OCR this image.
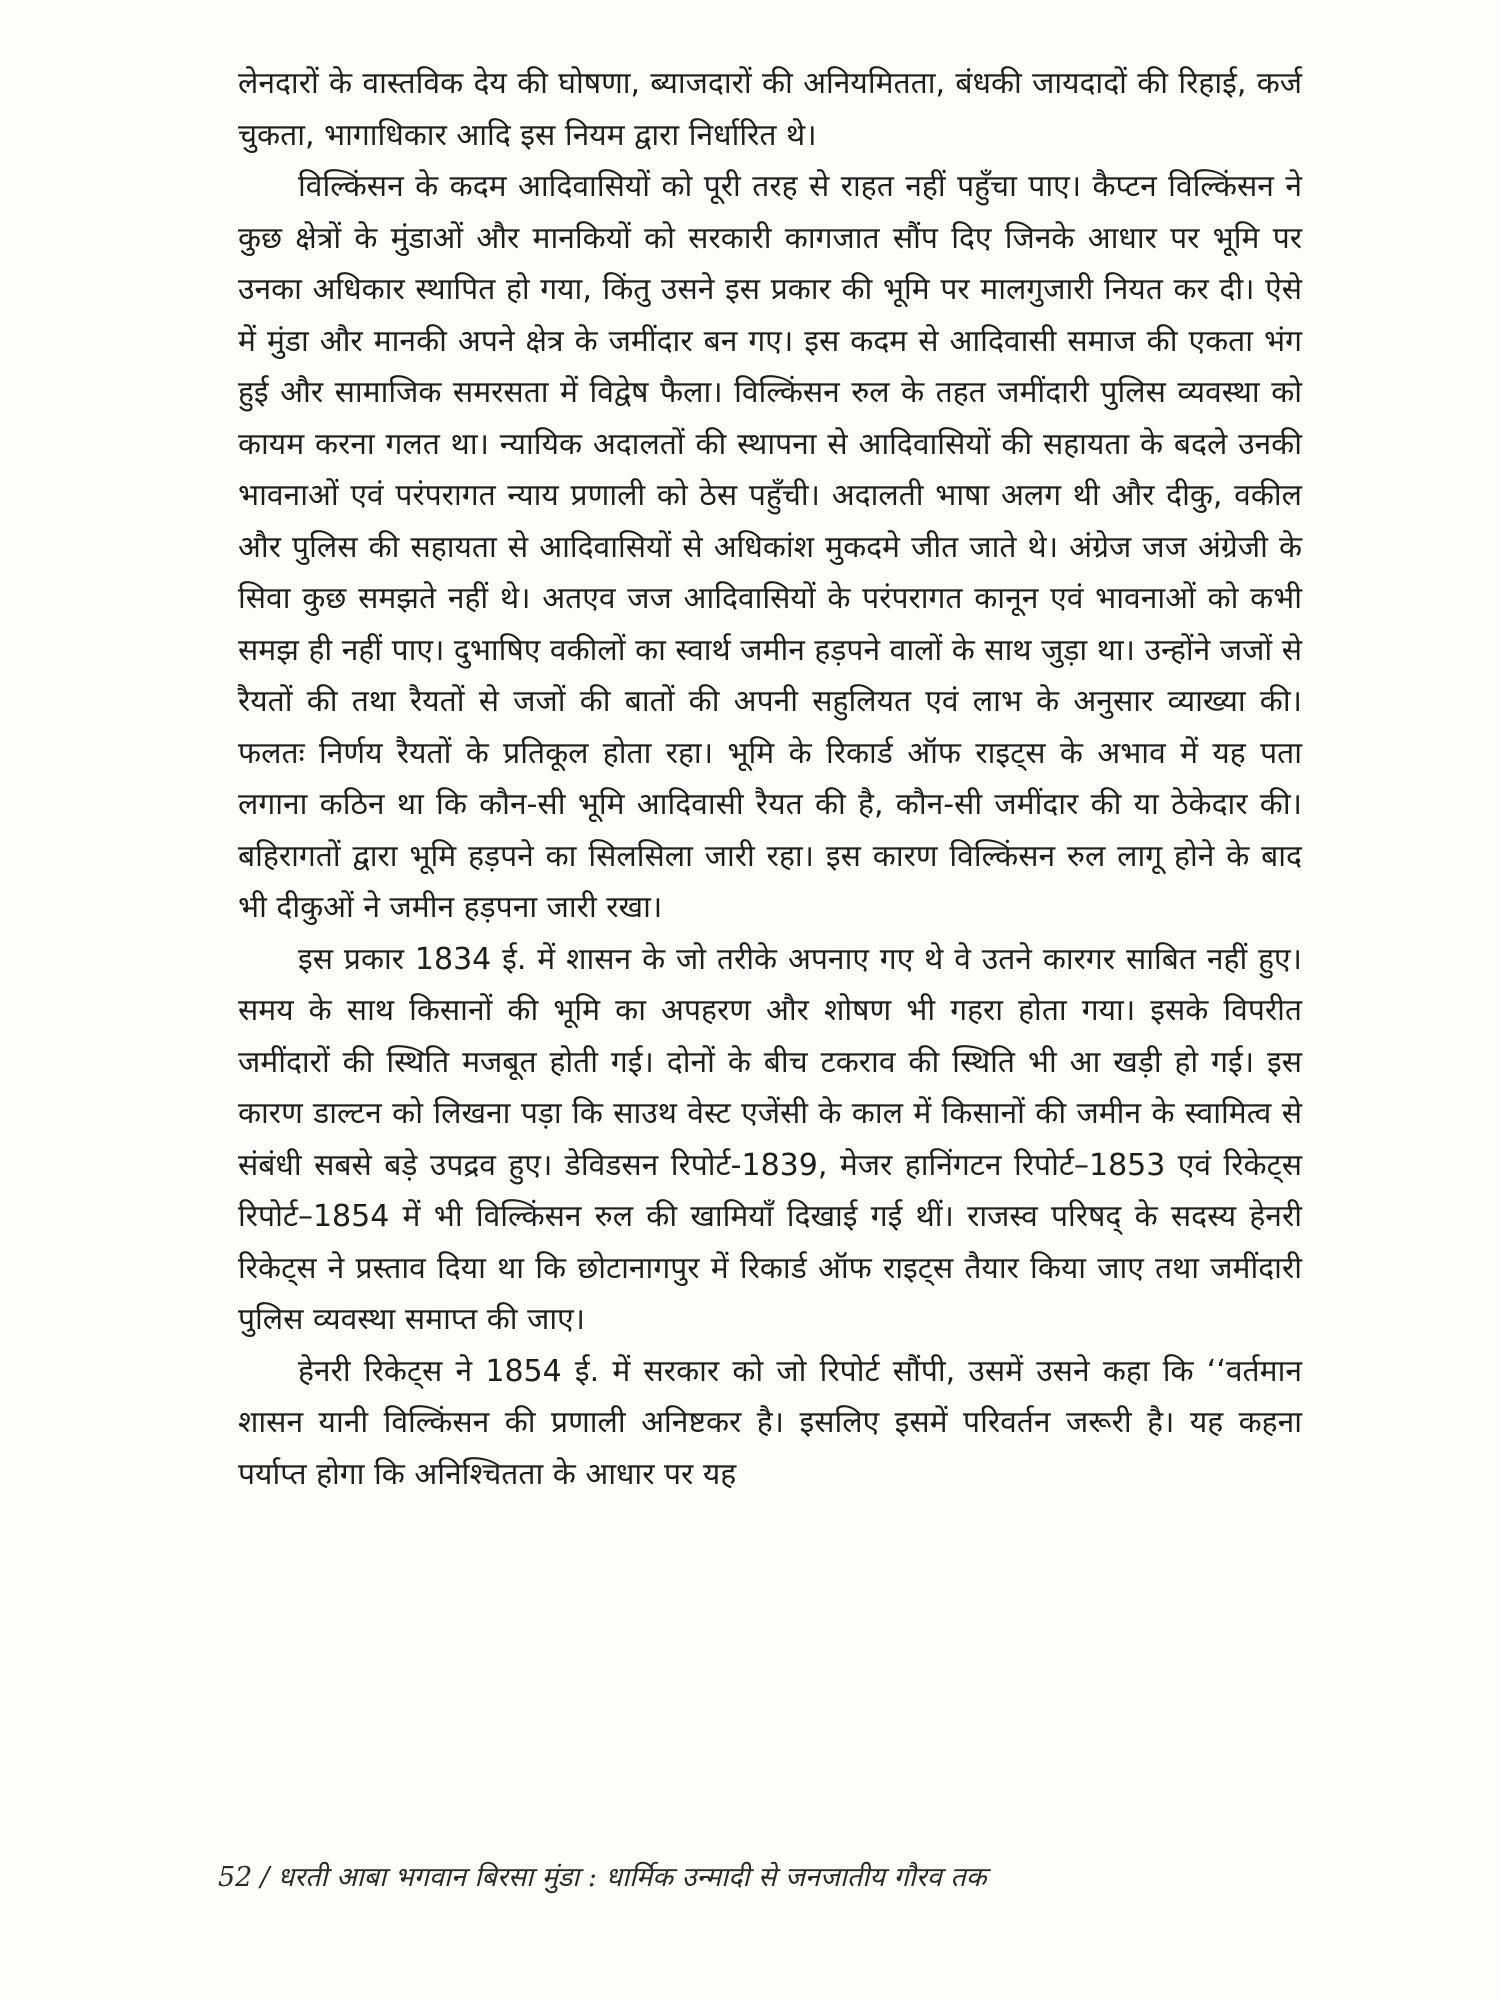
लेनदारों के वास्तविक देय की घोषणा, ब्याजदारों की अनियमितता, बंधकी जायदादों की रिहाई, कर्ज चुकता, भागाधिकार आदि इस नियम द्वारा निर्धारित थे।

विल्किंसन के कदम आदिवासियों को पूरी तरह से राहत नहीं पहुँचा पाए। कैप्टन विल्किंसन ने कुछ क्षेत्रों के मुंडाओं और मानकियों को सरकारी कागजात सौंप दिए जिनके आधार पर भूमि पर उनका अधिकार स्थापित हो गया, किंतु उसने इस प्रकार की भूमि पर मालगुजारी नियत कर दी। ऐसे में मुंडा और मानकी अपने क्षेत्र के जमींदार बन गए। इस कदम से आदिवासी समाज की एकता भंग हुई और सामाजिक समरसता में विद्वेष फैला। विल्किंसन रुल के तहत जमींदारी पुलिस व्यवस्था को कायम करना गलत था। न्यायिक अदालतों की स्थापना से आदिवासियों की सहायता के बदले उनकी भावनाओं एवं परंपरागत न्याय प्रणाली को ठेस पहुँची। अदालती भाषा अलग थी और दीकु, वकील और पुलिस की सहायता से आदिवासियों से अधिकांश मुकदमे जीत जाते थे। अंग्रेज जज अंग्रेजी के सिवा कुछ समझते नहीं थे। अतएव जज आदिवासियों के परंपरागत कानून एवं भावनाओं को कभी समझ ही नहीं पाए। दुभाषिए वकीलों का स्वार्थ जमीन हड़पने वालों के साथ जुड़ा था। उन्होंने जजों से रैयतों की तथा रैयतों से जजों की बातों की अपनी सहुलियत एवं लाभ के अनुसार व्याख्या की। फलतः निर्णय रैयतों के प्रतिकूल होता रहा। भूमि के रिकार्ड ऑफ राइट्स के अभाव में यह पता लगाना कठिन था कि कौन-सी भूमि आदिवासी रैयत की है, कौन-सी जमींदार की या ठेकेदार की। बहिरागतों द्वारा भूमि हड़पने का सिलसिला जारी रहा। इस कारण विल्किंसन रुल लागू होने के बाद भी दीकुओं ने जमीन हड़पना जारी रखा।

इस प्रकार 1834 ई. में शासन के जो तरीके अपनाए गए थे वे उतने कारगर साबित नहीं हुए। समय के साथ किसानों की भूमि का अपहरण और शोषण भी गहरा होता गया। इसके विपरीत जमींदारों की स्थिति मजबूत होती गई। दोनों के बीच टकराव की स्थिति भी आ खड़ी हो गई। इस कारण डाल्टन को लिखना पड़ा कि साउथ वेस्ट एजेंसी के काल में किसानों की जमीन के स्वामित्व से संबंधी सबसे बड़े उपद्रव हुए। डेविडसन रिपोर्ट-1839, मेजर हानिंगटन रिपोर्ट–1853 एवं रिकेट्स रिपोर्ट–1854 में भी विल्किंसन रुल की खामियाँ दिखाई गई थीं। राजस्व परिषद् के सदस्य हेनरी रिकेट्स ने प्रस्ताव दिया था कि छोटानागपुर में रिकार्ड ऑफ राइट्स तैयार किया जाए तथा जमींदारी पुलिस व्यवस्था समाप्त की जाए।

हेनरी रिकेट्स ने 1854 ई. में सरकार को जो रिपोर्ट सौंपी, उसमें उसने कहा कि ‘‘वर्तमान शासन यानी विल्किंसन की प्रणाली अनिष्टकर है। इसलिए इसमें परिवर्तन जरूरी है। यह कहना पर्याप्त होगा कि अनिश्चितता के आधार पर यह

52 / धरती आबा भगवान बिरसा मुंडा : धार्मिक उन्मादी से जनजातीय गौरव तक
